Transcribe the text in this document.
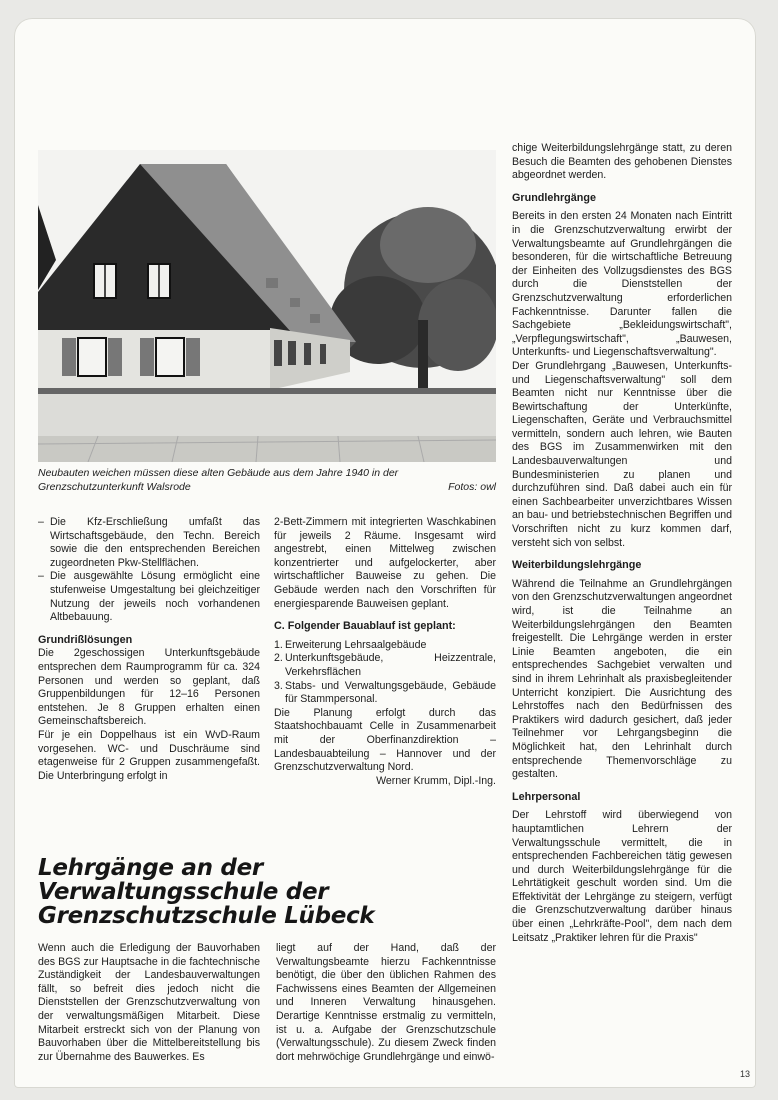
Neubauten weichen müssen diese alten Gebäude aus dem Jahre 1940 in der Grenzschutzunterkunft Walsrode	Fotos: owl
– Die Kfz-Erschließung umfaßt das Wirtschaftsgebäude, den Techn. Bereich sowie die den entsprechenden Bereichen zugeordneten Pkw-Stellflächen.
– Die ausgewählte Lösung ermöglicht eine stufenweise Umgestaltung bei gleichzeitiger Nutzung der jeweils noch vorhandenen Altbebauung.
Grundrißlösungen

Die 2geschossigen Unterkunftsgebäude entsprechen dem Raumprogramm für ca. 324 Personen und werden so geplant, daß Gruppenbildungen für 12–16 Personen entstehen. Je 8 Gruppen erhalten einen Gemeinschaftsbereich.

Für je ein Doppelhaus ist ein WvD-Raum vorgesehen. WC- und Duschräume sind etagenweise für 2 Gruppen zusammengefaßt. Die Unterbringung erfolgt in

2-Bett-Zimmern mit integrierten Waschkabinen für jeweils 2 Räume. Insgesamt wird angestrebt, einen Mittelweg zwischen konzentrierter und aufgelockerter, aber wirtschaftlicher Bauweise zu gehen. Die Gebäude werden nach den Vorschriften für energiesparende Bauweisen geplant.

C. Folgender Bauablauf ist geplant:
1. Erweiterung Lehrsaalgebäude
2. Unterkunftsgebäude, Heizzentrale, Verkehrsflächen
3. Stabs- und Verwaltungsgebäude, Gebäude für Stammpersonal.

Die Planung erfolgt durch das Staatshochbauamt Celle in Zusammenarbeit mit der Oberfinanzdirektion – Landesbauabteilung – Hannover und der Grenzschutzverwaltung Nord.

Werner Krumm, Dipl.-Ing.

chige Weiterbildungslehrgänge statt, zu deren Besuch die Beamten des gehobenen Dienstes abgeordnet werden.

Grundlehrgänge

Bereits in den ersten 24 Monaten nach Eintritt in die Grenzschutzverwaltung erwirbt der Verwaltungsbeamte auf Grundlehrgängen die besonderen, für die wirtschaftliche Betreuung der Einheiten des Vollzugsdienstes des BGS durch die Dienststellen der Grenzschutzverwaltung erforderlichen Fachkenntnisse. Darunter fallen die Sachgebiete „Bekleidungswirtschaft", „Verpflegungswirtschaft", „Bauwesen, Unterkunfts- und Liegenschaftsverwaltung".

Der Grundlehrgang „Bauwesen, Unterkunfts- und Liegenschaftsverwaltung" soll dem Beamten nicht nur Kenntnisse über die Bewirtschaftung der Unterkünfte, Liegenschaften, Geräte und Verbrauchsmittel vermitteln, sondern auch lehren, wie Bauten des BGS im Zusammenwirken mit den Landesbauverwaltungen und Bundesministerien zu planen und durchzuführen sind. Daß dabei auch ein für einen Sachbearbeiter unverzichtbares Wissen an bau- und betriebstechnischen Begriffen und Vorschriften nicht zu kurz kommen darf, versteht sich von selbst.

Weiterbildungslehrgänge

Während die Teilnahme an Grundlehrgängen von den Grenzschutzverwaltungen angeordnet wird, ist die Teilnahme an Weiterbildungslehrgängen den Beamten freigestellt. Die Lehrgänge werden in erster Linie Beamten angeboten, die ein entsprechendes Sachgebiet verwalten und sind in ihrem Lehrinhalt als praxisbegleitender Unterricht konzipiert. Die Ausrichtung des Lehrstoffes nach den Bedürfnissen des Praktikers wird dadurch gesichert, daß jeder Teilnehmer vor Lehrgangsbeginn die Möglichkeit hat, den Lehrinhalt durch entsprechende Themenvorschläge zu gestalten.

Lehrpersonal

Der Lehrstoff wird überwiegend von hauptamtlichen Lehrern der Verwaltungsschule vermittelt, die in entsprechenden Fachbereichen tätig gewesen und durch Weiterbildungslehrgänge für die Lehrtätigkeit geschult worden sind. Um die Effektivität der Lehrgänge zu steigern, verfügt die Grenzschutzverwaltung darüber hinaus über einen „Lehrkräfte-Pool", dem nach dem Leitsatz „Praktiker lehren für die Praxis"

Lehrgänge an der Verwaltungsschule der Grenzschutzschule Lübeck

Wenn auch die Erledigung der Bauvorhaben des BGS zur Hauptsache in die fachtechnische Zuständigkeit der Landesbauverwaltungen fällt, so befreit dies jedoch nicht die Dienststellen der Grenzschutzverwaltung von der verwaltungsmäßigen Mitarbeit. Diese Mitarbeit erstreckt sich von der Planung von Bauvorhaben über die Mittelbereitstellung bis zur Übernahme des Bauwerkes. Es

liegt auf der Hand, daß der Verwaltungsbeamte hierzu Fachkenntnisse benötigt, die über den üblichen Rahmen des Fachwissens eines Beamten der Allgemeinen und Inneren Verwaltung hinausgehen. Derartige Kenntnisse erstmalig zu vermitteln, ist u. a. Aufgabe der Grenzschutzschule (Verwaltungsschule). Zu diesem Zweck finden dort mehrwöchige Grundlehrgänge und einwö-

13
